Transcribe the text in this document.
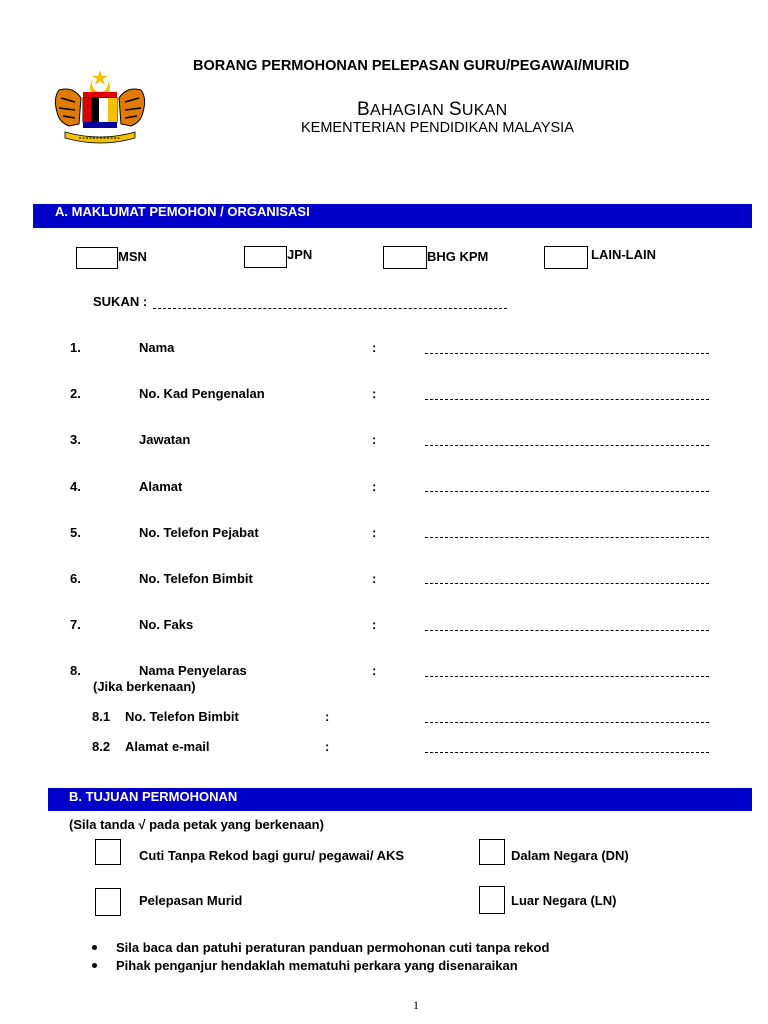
BORANG PERMOHONAN PELEPASAN GURU/PEGAWAI/MURID
BAHAGIAN SUKAN
KEMENTERIAN PENDIDIKAN MALAYSIA
A. MAKLUMAT PEMOHON / ORGANISASI
MSN	JPN	BHG KPM	LAIN-LAIN
SUKAN :
1.	Nama	:
2.	No. Kad Pengenalan	:
3.	Jawatan	:
4.	Alamat	:
5.	No. Telefon Pejabat	:
6.	No. Telefon Bimbit	:
7.	No. Faks	:
8.	Nama Penyelaras	:
(Jika berkenaan)
8.1 No. Telefon Bimbit	:
8.2 Alamat e-mail	:
B. TUJUAN PERMOHONAN
(Sila tanda √ pada petak yang berkenaan)
Cuti Tanpa Rekod bagi guru/ pegawai/ AKS	Dalam Negara (DN)
Pelepasan Murid	Luar Negara (LN)
Sila baca dan patuhi peraturan panduan permohonan cuti tanpa rekod
Pihak penganjur hendaklah mematuhi perkara yang disenaraikan
1
